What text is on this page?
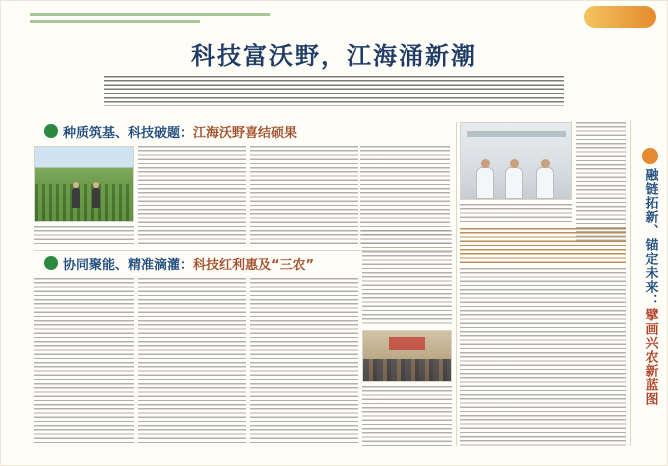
科技富沃野，江海涌新潮
种质筑基、科技破题：江海沃野喜结硕果
协同聚能、精准滴灌：科技红利惠及“三农”	融链拓新、锚定未来：擘画兴农新蓝图
